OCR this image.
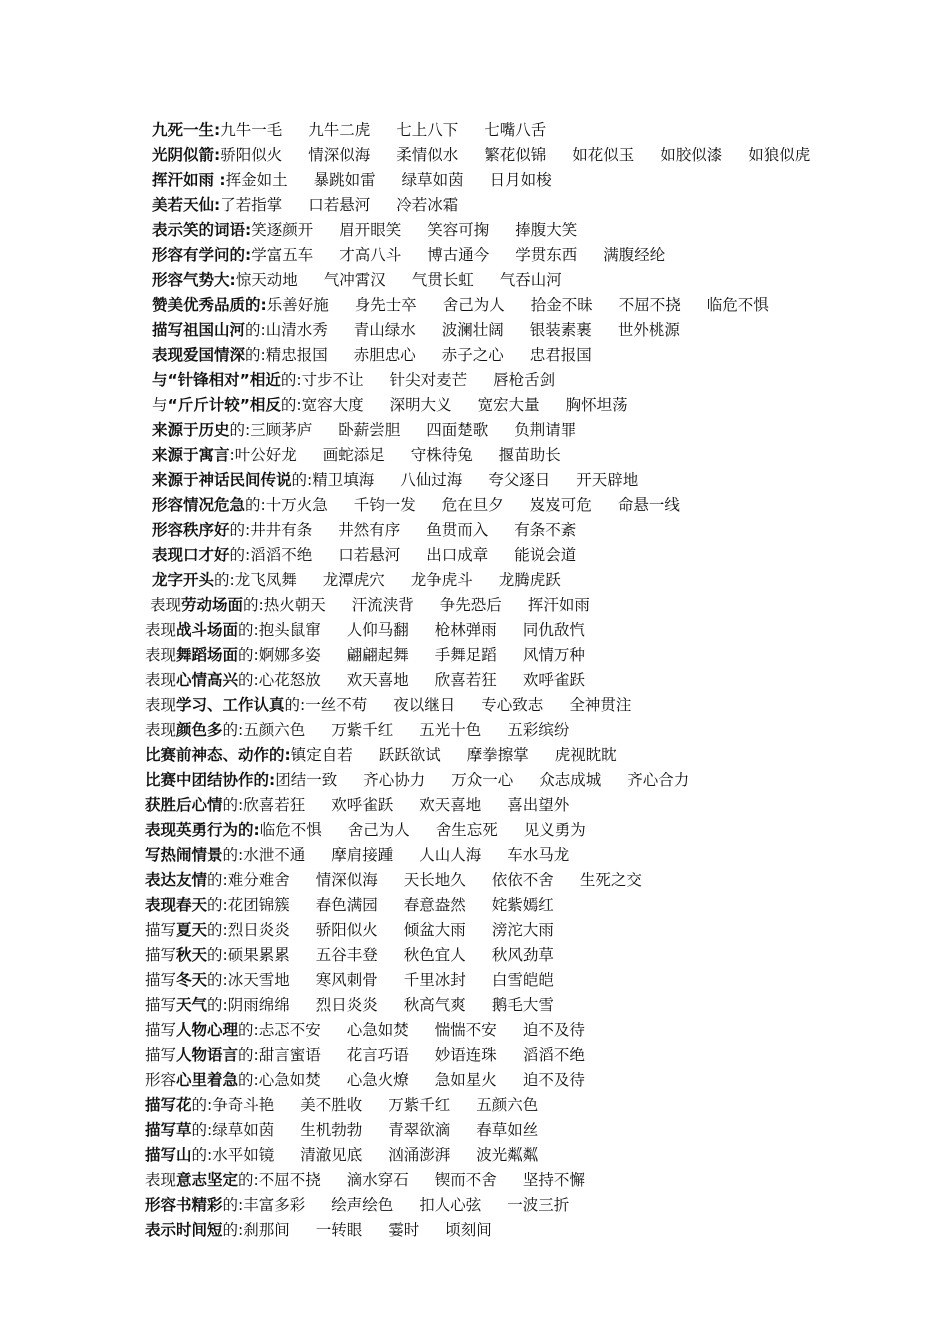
九死一生: 九牛一毛 九牛二虎 七上八下 七嘴八舌
光阴似箭: 骄阳似火 情深似海 柔情似水 繁花似锦 如花似玉 如胶似漆 如狼似虎
挥汗如雨 : 挥金如土 暴跳如雷 绿草如茵 日月如梭
美若天仙: 了若指掌 口若悬河 冷若冰霜
表示笑的词语: 笑逐颜开 眉开眼笑 笑容可掬 捧腹大笑
形容有学问的: 学富五车 才高八斗 博古通今 学贯东西 满腹经纶
形容气势大: 惊天动地 气冲霄汉 气贯长虹 气吞山河
赞美优秀品质的: 乐善好施 身先士卒 舍己为人 拾金不昧 不屈不挠 临危不惧
描写祖国山河的: 山清水秀 青山绿水 波澜壮阔 银装素裹 世外桃源
表现爱国情深的: 精忠报国 赤胆忠心 赤子之心 忠君报国
与“针锋相对”相近的: 寸步不让 针尖对麦芒 唇枪舌剑
与“斤斤计较”相反的: 宽容大度 深明大义 宽宏大量 胸怀坦荡
来源于历史的: 三顾茅庐 卧薪尝胆 四面楚歌 负荆请罪
来源于寓言: 叶公好龙 画蛇添足 守株待兔 揠苗助长
来源于神话民间传说的: 精卫填海 八仙过海 夸父逐日 开天辟地
形容情况危急的: 十万火急 千钧一发 危在旦夕 岌岌可危 命悬一线
形容秩序好的: 井井有条 井然有序 鱼贯而入 有条不紊
表现口才好的: 滔滔不绝 口若悬河 出口成章 能说会道
龙字开头的: 龙飞凤舞 龙潭虎穴 龙争虎斗 龙腾虎跃
表现劳动场面的: 热火朝天 汗流浃背 争先恐后 挥汗如雨
表现战斗场面的: 抱头鼠窜 人仰马翻 枪林弹雨 同仇敌忾
表现舞蹈场面的: 婀娜多姿 翩翩起舞 手舞足蹈 风情万种
表现心情高兴的: 心花怒放 欢天喜地 欣喜若狂 欢呼雀跃
表现学习、工作认真的: 一丝不苟 夜以继日 专心致志 全神贯注
表现颜色多的: 五颜六色 万紫千红 五光十色 五彩缤纷
比赛前神态、动作的: 镇定自若 跃跃欲试 摩拳擦掌 虎视眈眈
比赛中团结协作的: 团结一致 齐心协力 万众一心 众志成城 齐心合力
获胜后心情的: 欣喜若狂 欢呼雀跃 欢天喜地 喜出望外
表现英勇行为的: 临危不惧 舍己为人 舍生忘死 见义勇为
写热闹情景的: 水泄不通 摩肩接踵 人山人海 车水马龙
表达友情的: 难分难舍 情深似海 天长地久 依依不舍 生死之交
表现春天的: 花团锦簇 春色满园 春意盎然 姹紫嫣红
描写夏天的: 烈日炎炎 骄阳似火 倾盆大雨 滂沱大雨
描写秋天的: 硕果累累 五谷丰登 秋色宜人 秋风劲草
描写冬天的: 冰天雪地 寒风刺骨 千里冰封 白雪皑皑
描写天气的: 阴雨绵绵 烈日炎炎 秋高气爽 鹅毛大雪
描写人物心理的: 忐忑不安 心急如焚 惴惴不安 迫不及待
描写人物语言的: 甜言蜜语 花言巧语 妙语连珠 滔滔不绝
形容心里着急的: 心急如焚 心急火燎 急如星火 迫不及待
描写花的: 争奇斗艳 美不胜收 万紫千红 五颜六色
描写草的: 绿草如茵 生机勃勃 青翠欲滴 春草如丝
描写山的: 水平如镜 清澈见底 汹涌澎湃 波光粼粼
表现意志坚定的: 不屈不挠 滴水穿石 锲而不舍 坚持不懈
形容书精彩的: 丰富多彩 绘声绘色 扣人心弦 一波三折
表示时间短的: 刹那间 一转眼 霎时 顷刻间
